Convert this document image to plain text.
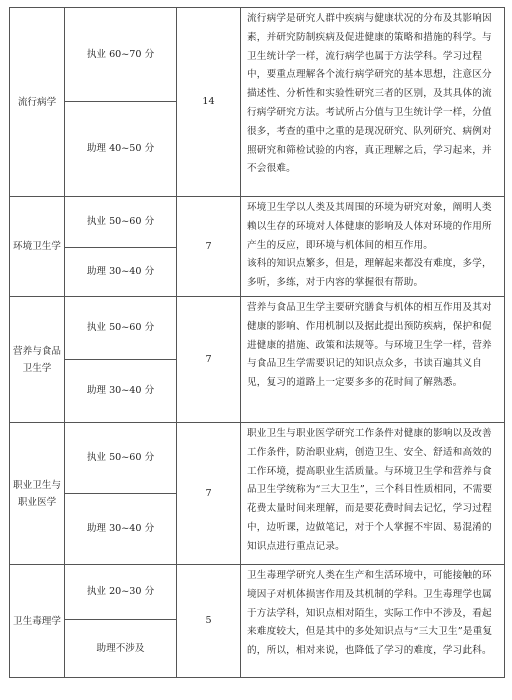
流行病学	执业 60~70 分	14	流行病学是研究人群中疾病与健康状况的分布及其影响因素，并研究防制疾病及促进健康的策略和措施的科学。与卫生统计学一样，流行病学也属于方法学科。学习过程中，要重点理解各个流行病学研究的基本思想，注意区分描述性、分析性和实验性研究三者的区别，及其具体的流行病学研究方法。考试所占分值与卫生统计学一样，分值很多，考查的重中之重的是现况研究、队列研究、病例对照研究和筛检试验的内容，真正理解之后，学习起来，并不会很难。

	助理 40~50 分		
环境卫生学	执业 50~60 分	7	环境卫生学以人类及其周围的环境为研究对象，阐明人类赖以生存的环境对人体健康的影响及人体对环境的作用所产生的反应，即环境与机体间的相互作用。

该科的知识点繁多，但是，理解起来都没有难度，多学，多听，多练，对于内容的掌握很有帮助。

	助理 30~40 分		
营养与食品卫生学	执业 50~60 分	7	营养与食品卫生学主要研究膳食与机体的相互作用及其对健康的影响、作用机制以及据此提出预防疾病，保护和促进健康的措施、政策和法规等。与环境卫生学一样，营养与食品卫生学需要识记的知识点众多，书读百遍其义自见，复习的道路上一定要多多的花时间了解熟悉。

	助理 30~40 分		
职业卫生与职业医学	执业 50~60 分	7	职业卫生与职业医学研究工作条件对健康的影响以及改善工作条件，防治职业病，创造卫生、安全、舒适和高效的工作环境，提高职业生活质量。与环境卫生学和营养与食品卫生学统称为“三大卫生”，三个科目性质相同，不需要花费太量时间来理解，而是要花费时间去记忆，学习过程中，边听课，边做笔记，对于个人掌握不牢固、易混淆的知识点进行重点记录。

	助理 30~40 分		
卫生毒理学	执业 20~30 分	5	卫生毒理学研究人类在生产和生活环境中，可能接触的环境因子对机体损害作用及其机制的学科。卫生毒理学也属于方法学科，知识点相对陌生，实际工作中不涉及，看起来难度较大，但是其中的多处知识点与“三大卫生”是重复的，所以，相对来说，也降低了学习的难度，学习此科。

	助理不涉及		
